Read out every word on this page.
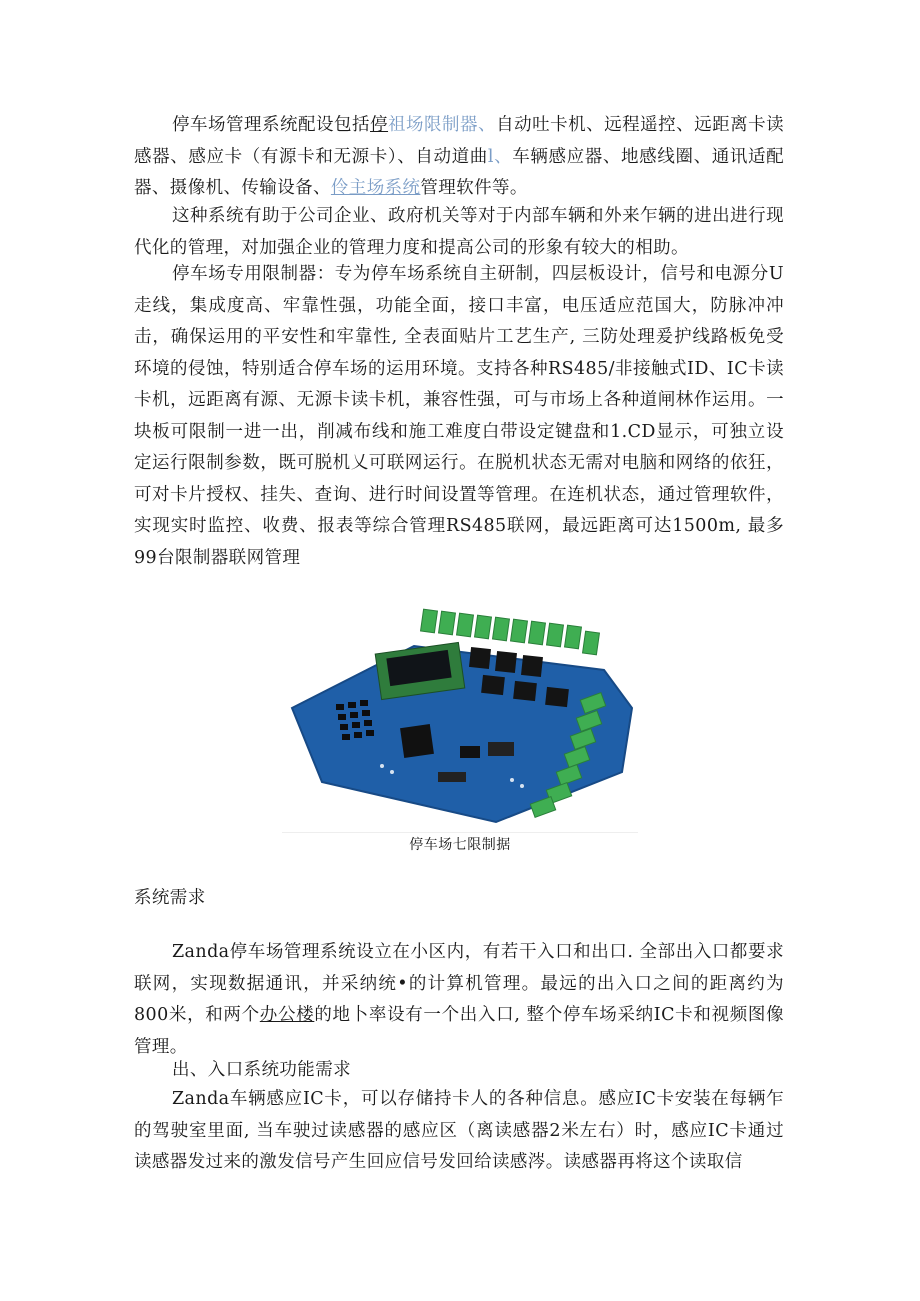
停车场管理系统配设包括停祖场限制器、自动吐卡机、远程遥控、远距离卡读感器、感应卡（有源卡和无源卡）、自动道曲l、车辆感应器、地感线圈、通讯适配器、摄像机、传输设备、伶主场系统管理软件等。

这种系统有助于公司企业、政府机关等对于内部车辆和外来乍辆的进出进行现代化的管理，对加强企业的管理力度和提高公司的形象有较大的相助。

停车场专用限制器：专为停车场系统自主研制，四层板设计，信号和电源分U走线，集成度高、牢靠性强，功能全面，接口丰富，电压适应范国大，防脉冲冲击，确保运用的平安性和牢靠性, 全表面贴片工艺生产, 三防处理爰护线路板免受环境的侵蚀，特别适合停车场的运用环境。支持各种RS485/非接触式ID、IC卡读卡机，远距离有源、无源卡读卡机，兼容性强，可与市场上各种道闸林作运用。一块板可限制一进一出，削减布线和施工难度白带设定键盘和1.CD显示，可独立设定运行限制参数，既可脱机乂可联网运行。在脱机状态无需对电脑和网络的依狂，可对卡片授权、挂失、查询、进行时间设置等管理。在连机状态，通过管理软件，实现实时监控、收费、报表等综合管理RS485联网，最远距离可达1500m, 最多99台限制器联网管理

停车场七限制据

系统需求

Zanda停车场管理系统设立在小区内，有若干入口和出口. 全部出入口都要求联网，实现数据通讯，并采纳统•的计算机管理。最远的出入口之间的距离约为800米，和两个办公楼的地卜率设有一个出入口, 整个停车场采纳IC卡和视频图像管理。

出、入口系统功能需求

Zanda车辆感应IC卡，可以存储持卡人的各种信息。感应IC卡安装在每辆乍的驾驶室里面, 当车驶过读感器的感应区（离读感器2米左右）时，感应IC卡通过读感器发过来的激发信号产生回应信号发回给读感涔。读感器再将这个读取信
